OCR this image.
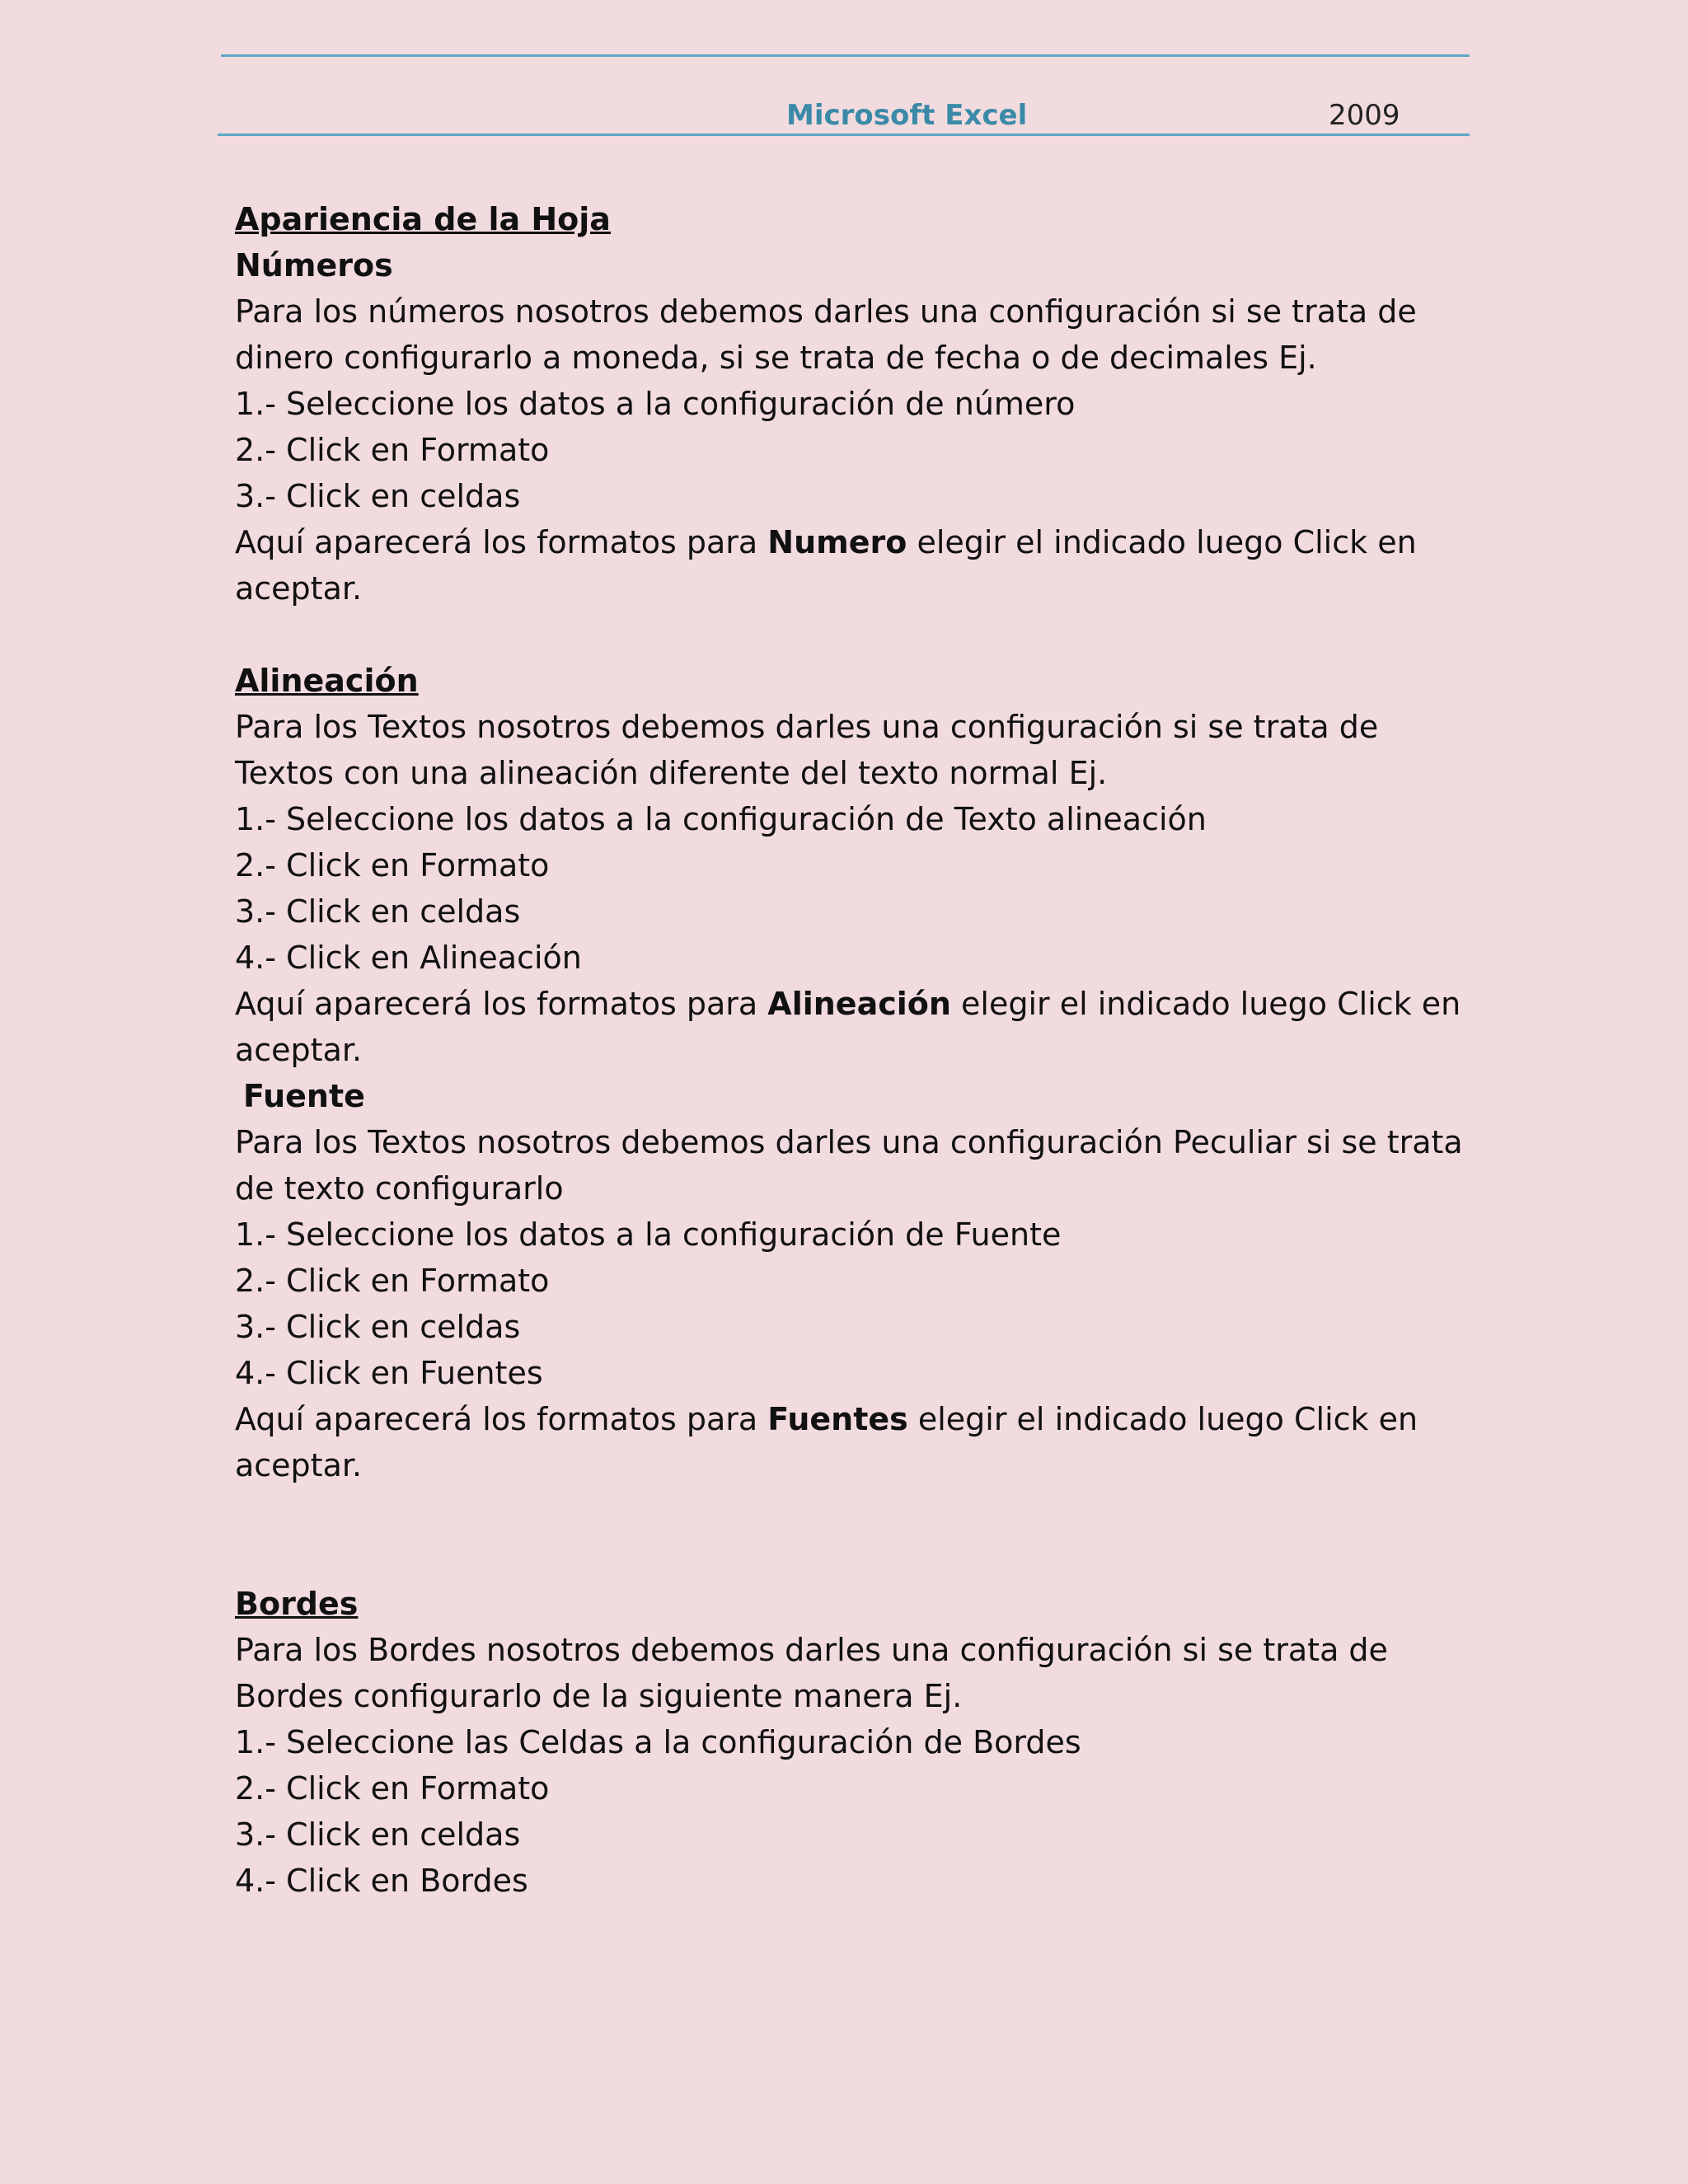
Microsoft Excel	2009
Apariencia de la Hoja
Números
Para los números nosotros debemos darles una configuración si se trata de
dinero configurarlo a moneda, si se trata de fecha o de decimales Ej.
1.- Seleccione los datos a la configuración de número
2.- Click en Formato
3.- Click en celdas
Aquí aparecerá los formatos para Numero elegir el indicado luego Click en
aceptar.
Alineación
Para los Textos nosotros debemos darles una configuración si se trata de
Textos con una alineación diferente del texto normal Ej.
1.- Seleccione los datos a la configuración de Texto alineación
2.- Click en Formato
3.- Click en celdas
4.- Click en Alineación
Aquí aparecerá los formatos para Alineación elegir el indicado luego Click en
aceptar.
Fuente
Para los Textos nosotros debemos darles una configuración Peculiar si se trata
de texto configurarlo
1.- Seleccione los datos a la configuración de Fuente
2.- Click en Formato
3.- Click en celdas
4.- Click en Fuentes
Aquí aparecerá los formatos para Fuentes elegir el indicado luego Click en
aceptar.
Bordes
Para los Bordes nosotros debemos darles una configuración si se trata de
Bordes configurarlo de la siguiente manera Ej.
1.- Seleccione las Celdas a la configuración de Bordes
2.- Click en Formato
3.- Click en celdas
4.- Click en Bordes
